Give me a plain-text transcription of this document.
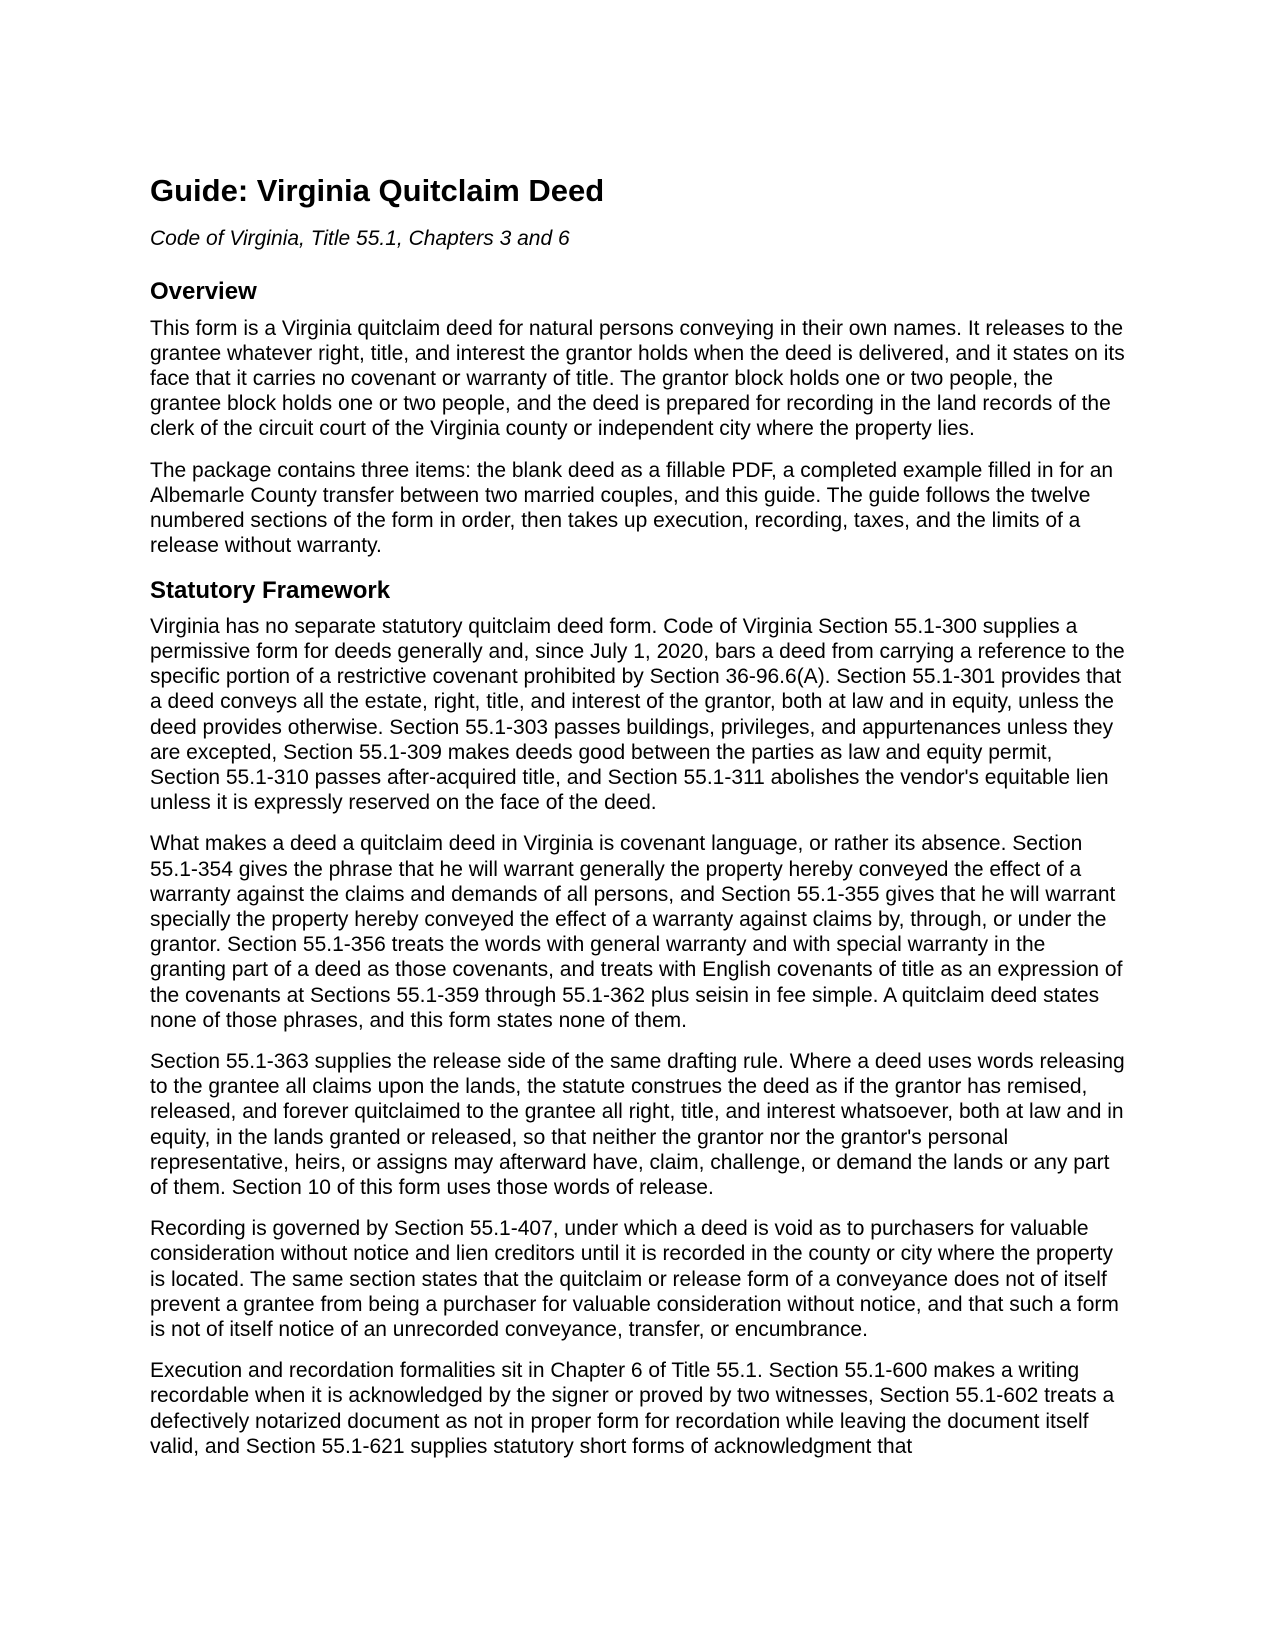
Guide: Virginia Quitclaim Deed
Code of Virginia, Title 55.1, Chapters 3 and 6
Overview

This form is a Virginia quitclaim deed for natural persons conveying in their own names. It releases to the grantee whatever right, title, and interest the grantor holds when the deed is delivered, and it states on its face that it carries no covenant or warranty of title. The grantor block holds one or two people, the grantee block holds one or two people, and the deed is prepared for recording in the land records of the clerk of the circuit court of the Virginia county or independent city where the property lies.

The package contains three items: the blank deed as a fillable PDF, a completed example filled in for an Albemarle County transfer between two married couples, and this guide. The guide follows the twelve numbered sections of the form in order, then takes up execution, recording, taxes, and the limits of a release without warranty.

Statutory Framework

Virginia has no separate statutory quitclaim deed form. Code of Virginia Section 55.1-300 supplies a permissive form for deeds generally and, since July 1, 2020, bars a deed from carrying a reference to the specific portion of a restrictive covenant prohibited by Section 36-96.6(A). Section 55.1-301 provides that a deed conveys all the estate, right, title, and interest of the grantor, both at law and in equity, unless the deed provides otherwise. Section 55.1-303 passes buildings, privileges, and appurtenances unless they are excepted, Section 55.1-309 makes deeds good between the parties as law and equity permit, Section 55.1-310 passes after-acquired title, and Section 55.1-311 abolishes the vendor's equitable lien unless it is expressly reserved on the face of the deed.

What makes a deed a quitclaim deed in Virginia is covenant language, or rather its absence. Section 55.1-354 gives the phrase that he will warrant generally the property hereby conveyed the effect of a warranty against the claims and demands of all persons, and Section 55.1-355 gives that he will warrant specially the property hereby conveyed the effect of a warranty against claims by, through, or under the grantor. Section 55.1-356 treats the words with general warranty and with special warranty in the granting part of a deed as those covenants, and treats with English covenants of title as an expression of the covenants at Sections 55.1-359 through 55.1-362 plus seisin in fee simple. A quitclaim deed states none of those phrases, and this form states none of them.

Section 55.1-363 supplies the release side of the same drafting rule. Where a deed uses words releasing to the grantee all claims upon the lands, the statute construes the deed as if the grantor has remised, released, and forever quitclaimed to the grantee all right, title, and interest whatsoever, both at law and in equity, in the lands granted or released, so that neither the grantor nor the grantor's personal representative, heirs, or assigns may afterward have, claim, challenge, or demand the lands or any part of them. Section 10 of this form uses those words of release.

Recording is governed by Section 55.1-407, under which a deed is void as to purchasers for valuable consideration without notice and lien creditors until it is recorded in the county or city where the property is located. The same section states that the quitclaim or release form of a conveyance does not of itself prevent a grantee from being a purchaser for valuable consideration without notice, and that such a form is not of itself notice of an unrecorded conveyance, transfer, or encumbrance.

Execution and recordation formalities sit in Chapter 6 of Title 55.1. Section 55.1-600 makes a writing recordable when it is acknowledged by the signer or proved by two witnesses, Section 55.1-602 treats a defectively notarized document as not in proper form for recordation while leaving the document itself valid, and Section 55.1-621 supplies statutory short forms of acknowledgment that
